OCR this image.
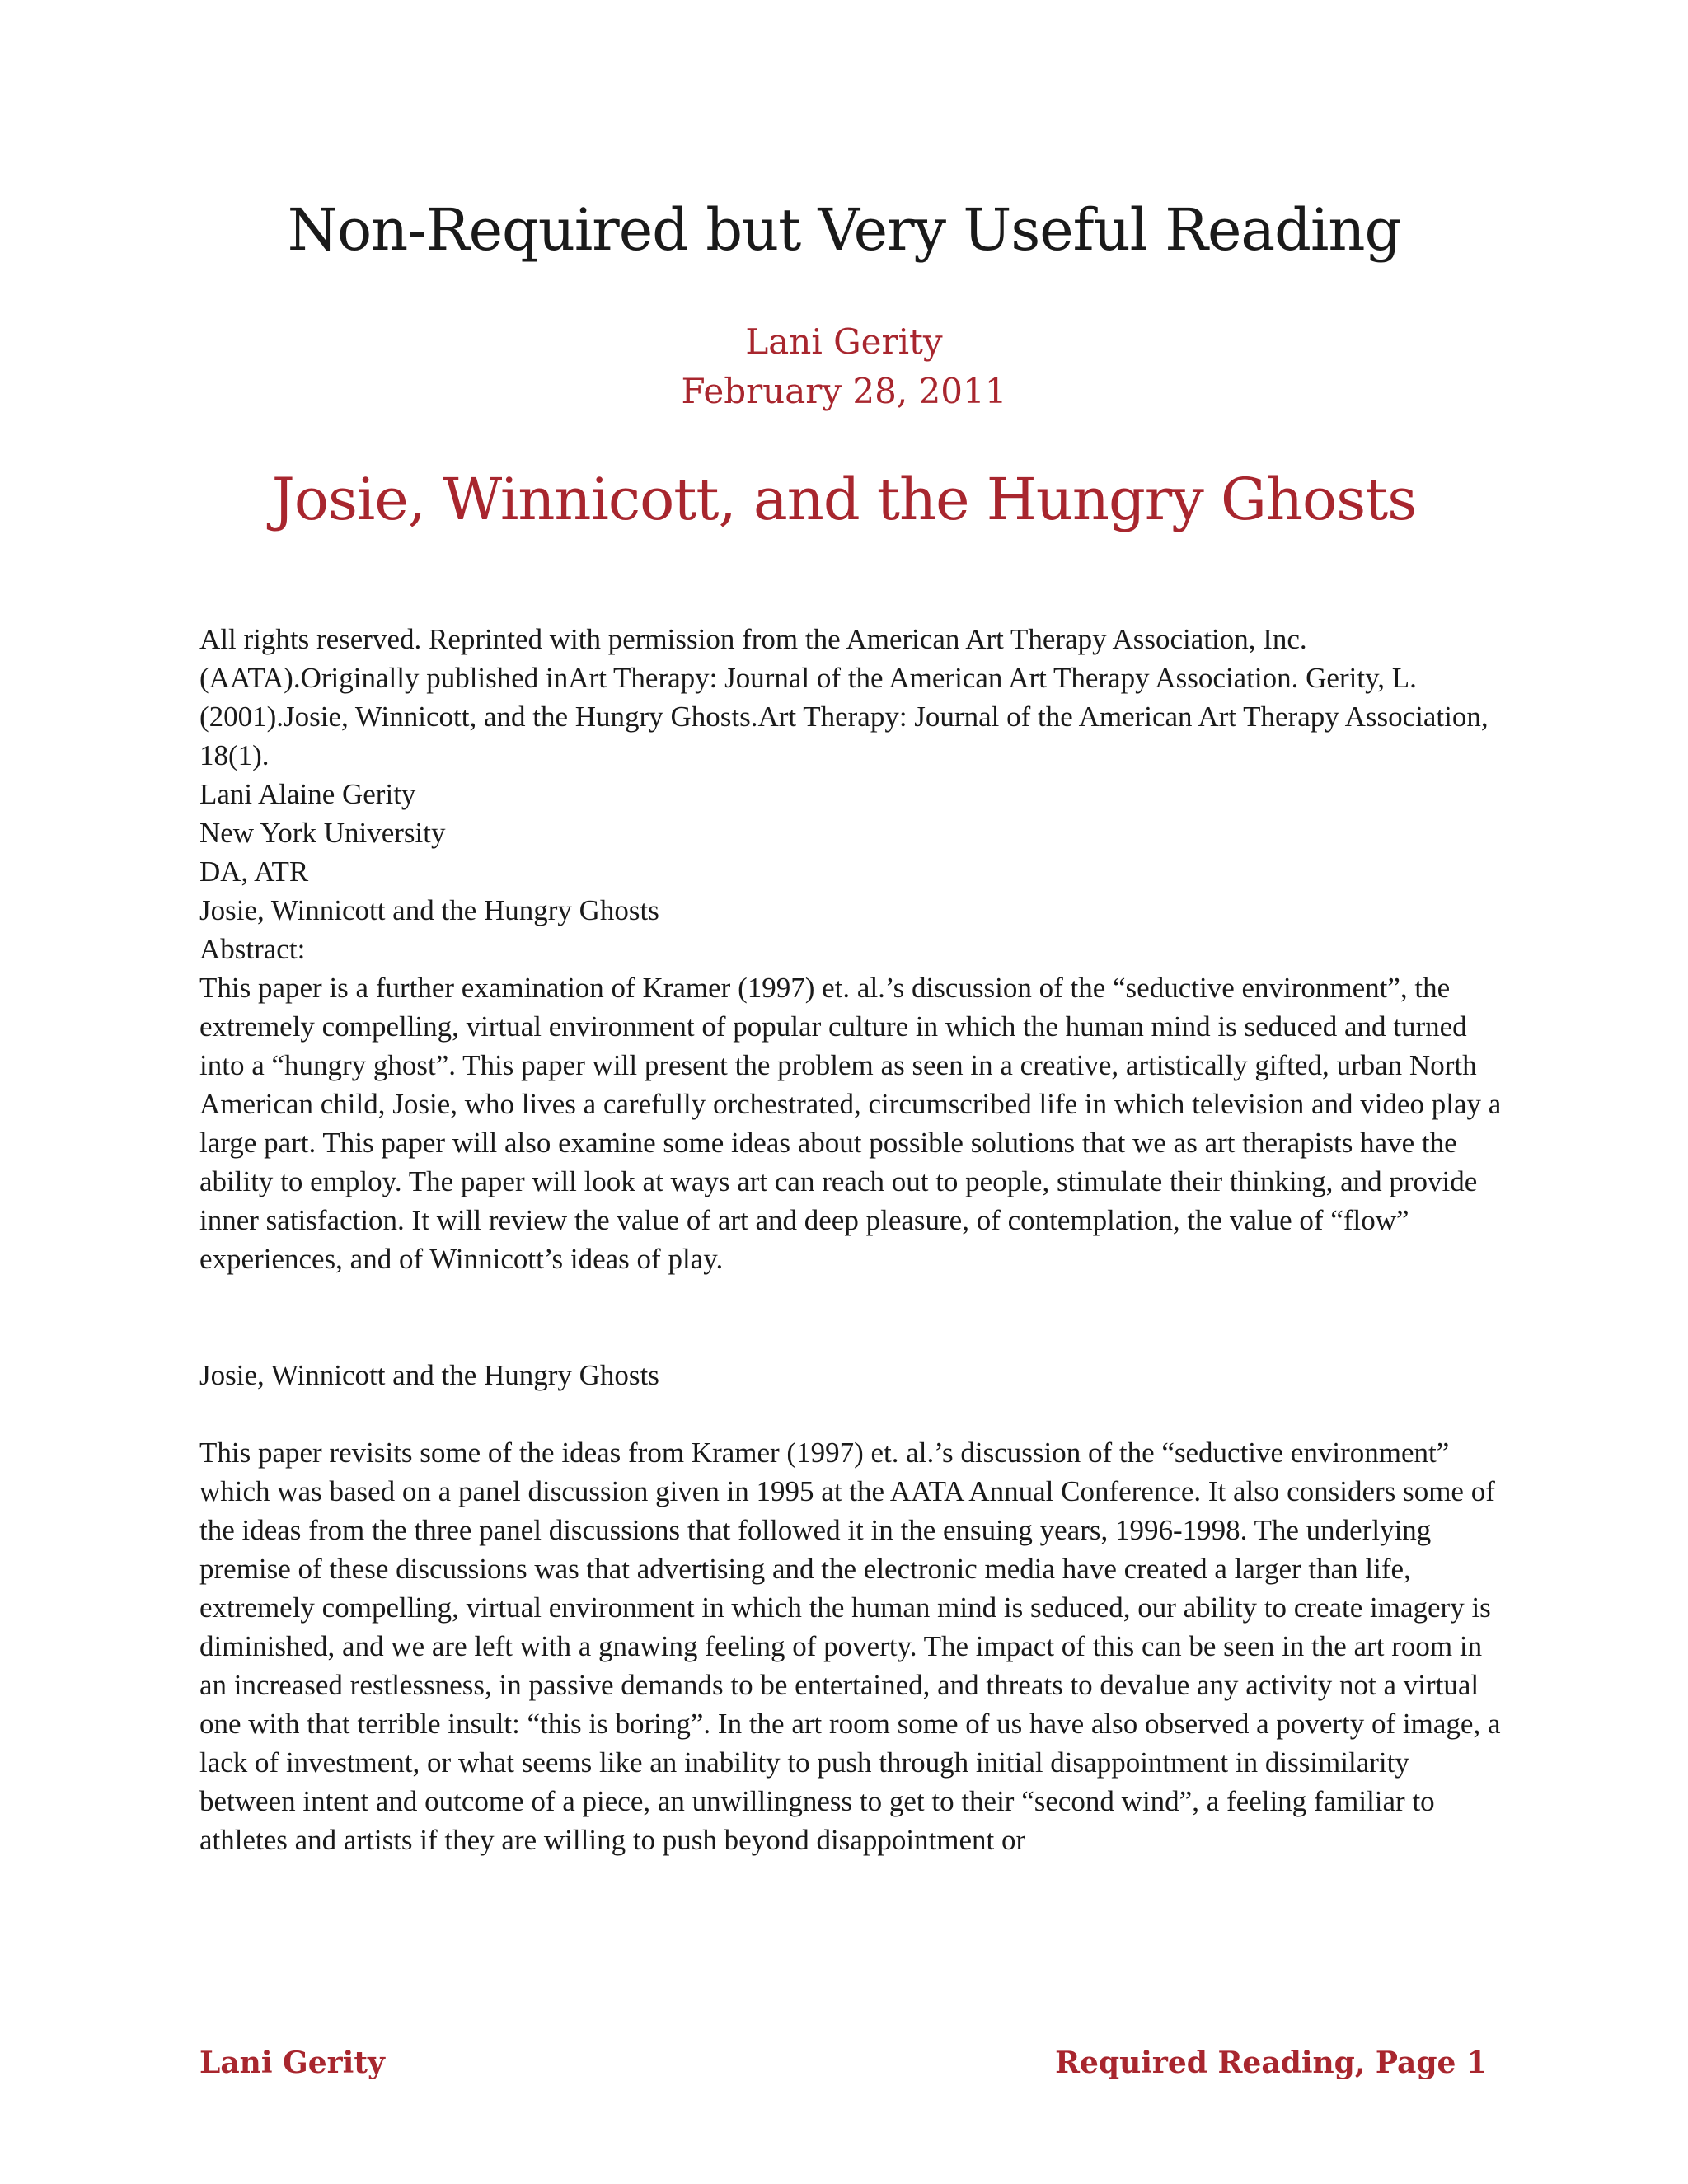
Non-Required but Very Useful Reading
Lani Gerity
February 28, 2011
Josie, Winnicott, and the Hungry Ghosts

All rights reserved. Reprinted with permission from the American Art Therapy Association, Inc. (AATA).Originally published inArt Therapy: Journal of the American Art Therapy Association. Gerity, L.(2001).Josie, Winnicott, and the Hungry Ghosts.Art Therapy: Journal of the American Art Therapy Association, 18(1).

Lani Alaine Gerity

New York University

DA, ATR

Josie, Winnicott and the Hungry Ghosts

Abstract:

This paper is a further examination of Kramer (1997) et. al.’s discussion of the “seductive environment”, the extremely compelling, virtual environment of popular culture in which the human mind is seduced and turned into a “hungry ghost”. This paper will present the problem as seen in a creative, artistically gifted, urban North American child, Josie, who lives a carefully orchestrated, circumscribed life in which television and video play a large part. This paper will also examine some ideas about possible solutions that we as art therapists have the ability to employ. The paper will look at ways art can reach out to people, stimulate their thinking, and provide inner satisfaction. It will review the value of art and deep pleasure, of contemplation, the value of “flow” experiences, and of Winnicott’s ideas of play.

Josie, Winnicott and the Hungry Ghosts

This paper revisits some of the ideas from Kramer (1997) et. al.’s discussion of the “seductive environment” which was based on a panel discussion given in 1995 at the AATA Annual Conference. It also considers some of the ideas from the three panel discussions that followed it in the ensuing years, 1996-1998. The underlying premise of these discussions was that advertising and the electronic media have created a larger than life, extremely compelling, virtual environment in which the human mind is seduced, our ability to create imagery is diminished, and we are left with a gnawing feeling of poverty. The impact of this can be seen in the art room in an increased restlessness, in passive demands to be entertained, and threats to devalue any activity not a virtual one with that terrible insult: “this is boring”. In the art room some of us have also observed a poverty of image, a lack of investment, or what seems like an inability to push through initial disappointment in dissimilarity between intent and outcome of a piece, an unwillingness to get to their “second wind”, a feeling familiar to athletes and artists if they are willing to push beyond disappointment or

Lani Gerity	Required Reading, Page 1
